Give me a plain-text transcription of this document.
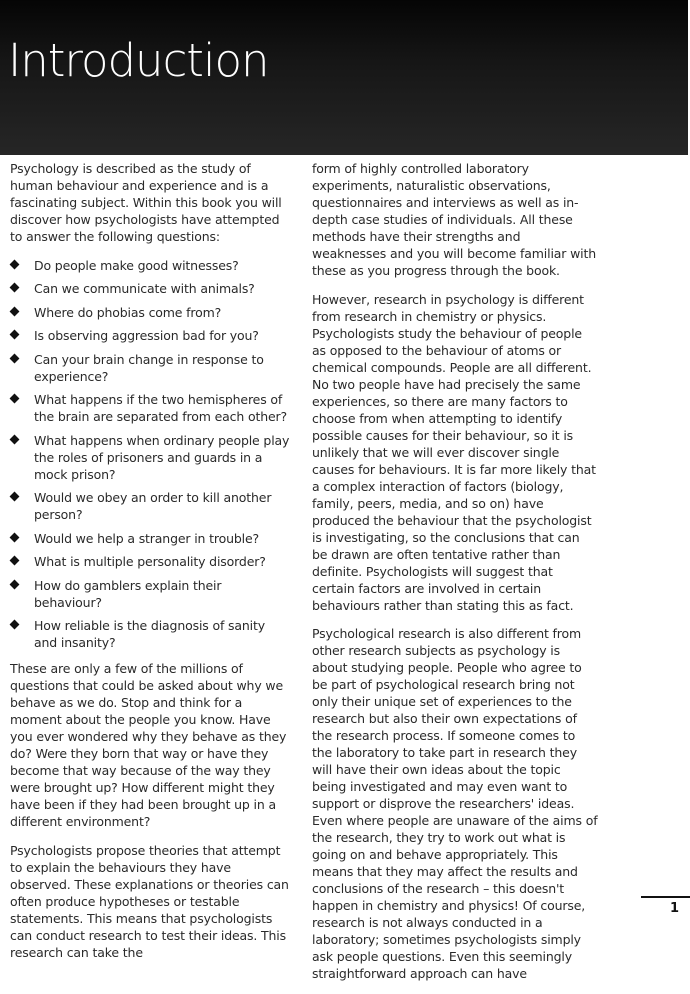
Introduction

Psychology is described as the study of human behaviour and experience and is a fascinating subject. Within this book you will discover how psychologists have attempted to answer the following questions:

Do people make good witnesses?
Can we communicate with animals?
Where do phobias come from?
Is observing aggression bad for you?
Can your brain change in response to experience?
What happens if the two hemispheres of the brain are separated from each other?
What happens when ordinary people play the roles of prisoners and guards in a mock prison?
Would we obey an order to kill another person?
Would we help a stranger in trouble?
What is multiple personality disorder?
How do gamblers explain their behaviour?
How reliable is the diagnosis of sanity and insanity?

These are only a few of the millions of questions that could be asked about why we behave as we do. Stop and think for a moment about the people you know. Have you ever wondered why they behave as they do? Were they born that way or have they become that way because of the way they were brought up? How different might they have been if they had been brought up in a different environment?

Psychologists propose theories that attempt to explain the behaviours they have observed. These explanations or theories can often produce hypotheses or testable statements. This means that psychologists can conduct research to test their ideas. This research can take the

form of highly controlled laboratory experiments, naturalistic observations, questionnaires and interviews as well as in-depth case studies of individuals. All these methods have their strengths and weaknesses and you will become familiar with these as you progress through the book.

However, research in psychology is different from research in chemistry or physics. Psychologists study the behaviour of people as opposed to the behaviour of atoms or chemical compounds. People are all different. No two people have had precisely the same experiences, so there are many factors to choose from when attempting to identify possible causes for their behaviour, so it is unlikely that we will ever discover single causes for behaviours. It is far more likely that a complex interaction of factors (biology, family, peers, media, and so on) have produced the behaviour that the psychologist is investigating, so the conclusions that can be drawn are often tentative rather than definite. Psychologists will suggest that certain factors are involved in certain behaviours rather than stating this as fact.

Psychological research is also different from other research subjects as psychology is about studying people. People who agree to be part of psychological research bring not only their unique set of experiences to the research but also their own expectations of the research process. If someone comes to the laboratory to take part in research they will have their own ideas about the topic being investigated and may even want to support or disprove the researchers' ideas. Even where people are unaware of the aims of the research, they try to work out what is going on and behave appropriately. This means that they may affect the results and conclusions of the research – this doesn't happen in chemistry and physics! Of course, research is not always conducted in a laboratory; sometimes psychologists simply ask people questions. Even this seemingly straightforward approach can have

1
